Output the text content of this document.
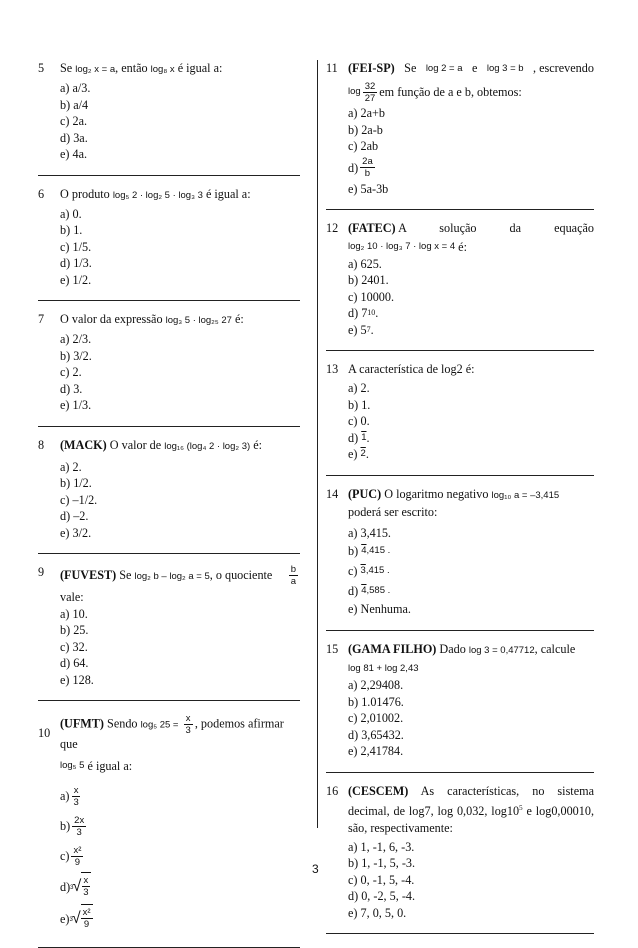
5	Se log₂ x = a, então log₈ x é igual a:
a) a/3.
b) a/4
c) 2a.
d) 3a.
e) 4a.
6	O produto log₅ 2 · log₂ 5 · log₃ 3 é igual a:
a) 0.
b) 1.
c) 1/5.
d) 1/3.
e) 1/2.
7	O valor da expressão log₃ 5 · log₂₅ 27 é:
a) 2/3.
b) 3/2.
c) 2.
d) 3.
e) 1/3.
8	(MACK) O valor de log₁₆ (log₄ 2 · log₂ 3) é:
a) 2.
b) 1/2.
c) –1/2.
d) –2.
e) 3/2.
9	(FUVEST) Se log₂ b – log₂ a = 5, o quociente $\frac{b}{a}$
vale:
a) 10.
b) 25.
c) 32.
d) 64.
e) 128.
10
(UFMT) Sendo log₅ $25 = \frac{x}{3}$ , podemos afirmar que
log₅ 5
é igual a:
$a) \frac{x}{3}$
$b) \frac{2x}{3}$
$c) \frac{\text{x²}}{9}$
d) 3 √ $\frac{x}{3}$
e) 3 √ $\frac{\text{x²}}{9}$
11 (FEI-SP) Se log 2 = a e log 3 = b , escrevendo
$\log \frac{32}{27}$ em função de a e b, obtemos:
a) 2a+b
b) 2a-b
c) 2ab
$d) \frac{2a}{b}$
e) 5a-3b
12 (FATEC) A solução da equação
log₂ 10 · log₃ 7 · log x = 4
é:
a) 625.
b) 2401.
c) 10000.
d) 7 10 .
e) 5 7 .
13 A característica de log2 é:
a) 2.
b) 1.
c) 0.
d)
1 .
e)
2 .
14 (PUC) O logaritmo negativo log₁₀ a = –3,415 poderá ser escrito:
a) 3,415.
b)
4,415 .
c)
3,415 .
d)
4,585 .
e) Nenhuma.
15 (GAMA FILHO) Dado log 3 = 0,47712, calcule
log 81 + log 2,43
a) 2,29408.
b) 1.01476.
c) 2,01002.
d) 3,65432.
e) 2,41784.
16 (CESCEM) As características, no sistema decimal, de log7, log 0,032, $\log 10^5$ e log0,00010, são, respectivamente:
a) 1, -1, 6, -3.
b) 1, -1, 5, -3.
c) 0, -1, 5, -4.
d) 0, -2, 5, -4.
e) 7, 0, 5, 0.
3
